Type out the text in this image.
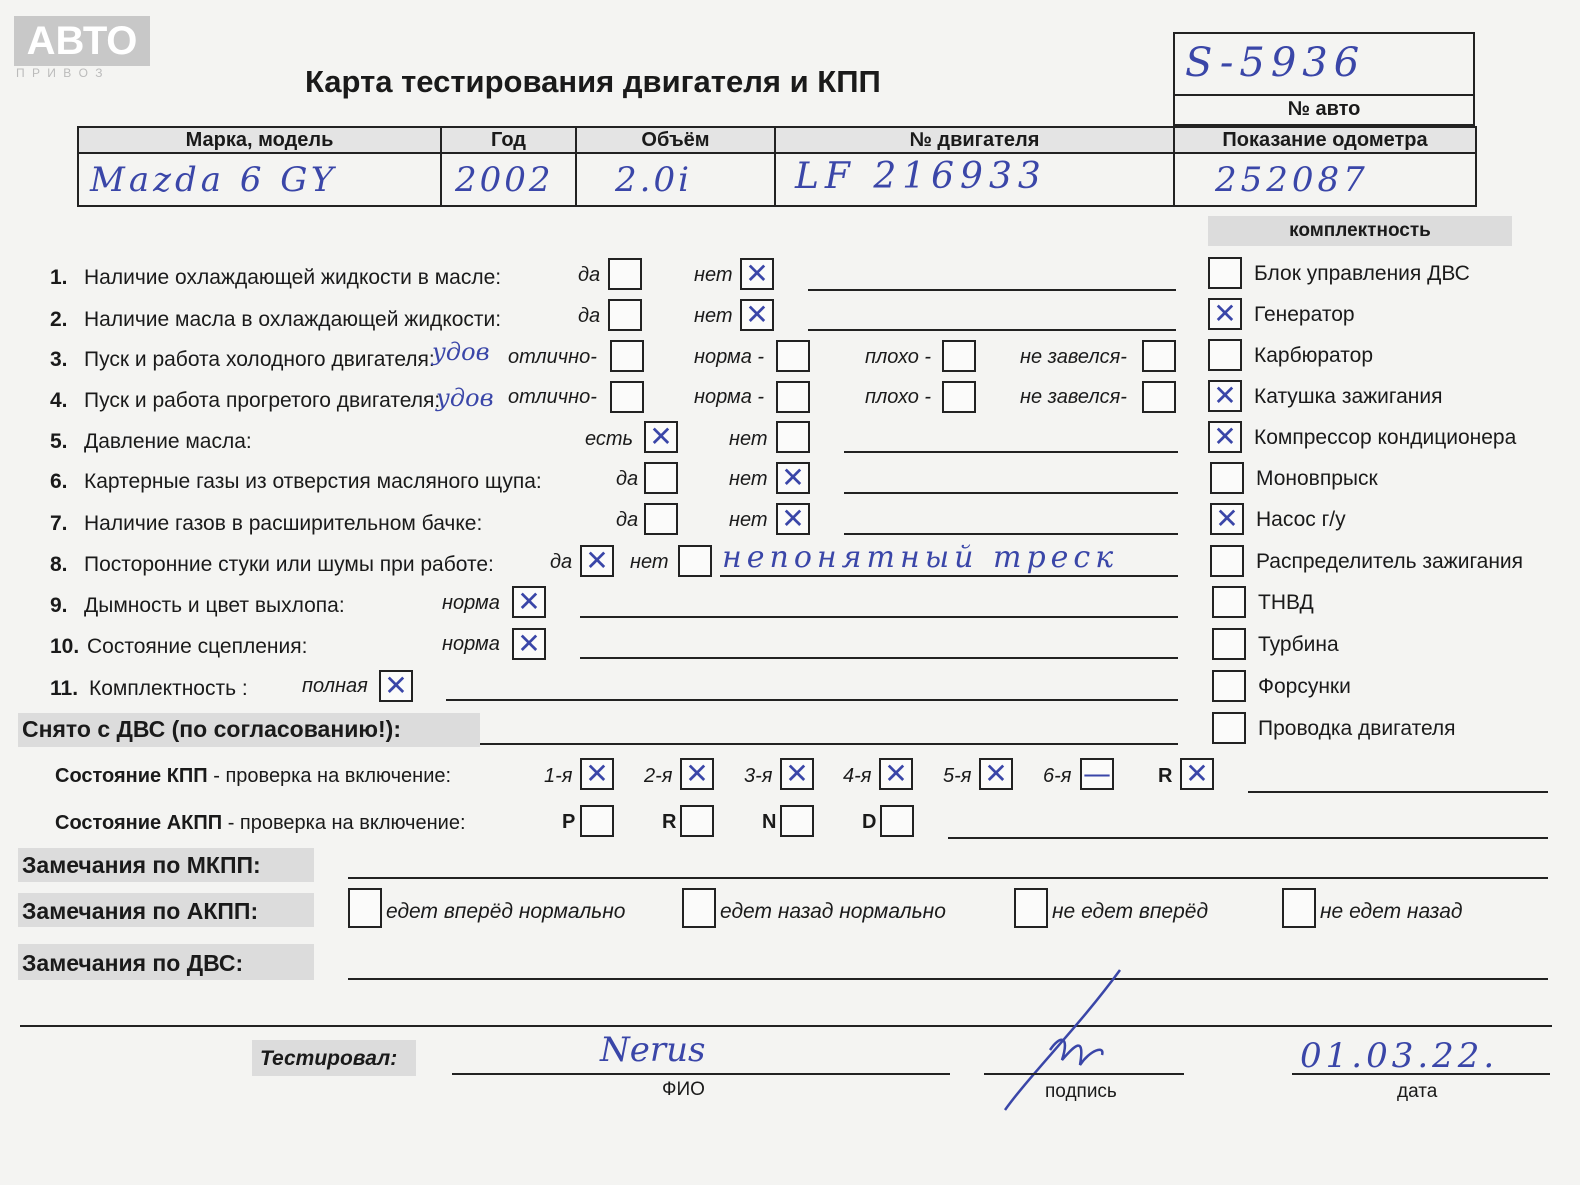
АВТО
П Р И В О З	Карта тестирования двигателя и КПП	S-5936
№ авто
Марка, модель	Год	Объём	№ двигателя	Показание одометра
Mazda 6 GY	2002 2.0i	LF 216933	252087
комплектность
Блок управления ДВС
✕ Генератор
Карбюратор
✕ Катушка зажигания
✕ Компрессор кондиционера
Моновпрыск
✕ Насос г/у
Распределитель зажигания
ТНВД
Турбина
Форсунки
Проводка двигателя
1. Наличие охлаждающей жидкости в масле:	да	нет ✕
2. Наличие масла в охлаждающей жидкости:	да	нет ✕
3. Пуск и работа холодного двигателя:
удов отлично-	норма -	плохо -	не завелся-
4. Пуск и работа прогретого двигателя:
удов отлично-	норма -	плохо -	не завелся-
5. Давление масла:	есть ✕	нет
6. Картерные газы из отверстия масляного щупа:	да	нет ✕
7. Наличие газов в расширительном бачке:	да	нет ✕
8. Посторонние стуки или шумы при работе:	да ✕ нет непонятный треск
9. Дымность и цвет выхлопа:	норма ✕
10. Состояние сцепления:	норма ✕
11. Комплектность :	полная ✕
Снято с ДВС (по согласованию!):
Состояние КПП - проверка на включение:	1-я ✕ 2-я ✕ 3-я ✕ 4-я ✕ 5-я ✕ 6-я — R ✕
Состояние АКПП - проверка на включение:	P	R	N	D
Замечания по МКПП:
Замечания по АКПП:	едет вперёд нормально	едет назад нормально	не едет вперёд	не едет назад
Замечания по ДВС:
Тестировал:	Nerus
ФИО	подпись
01.03.22.
дата
